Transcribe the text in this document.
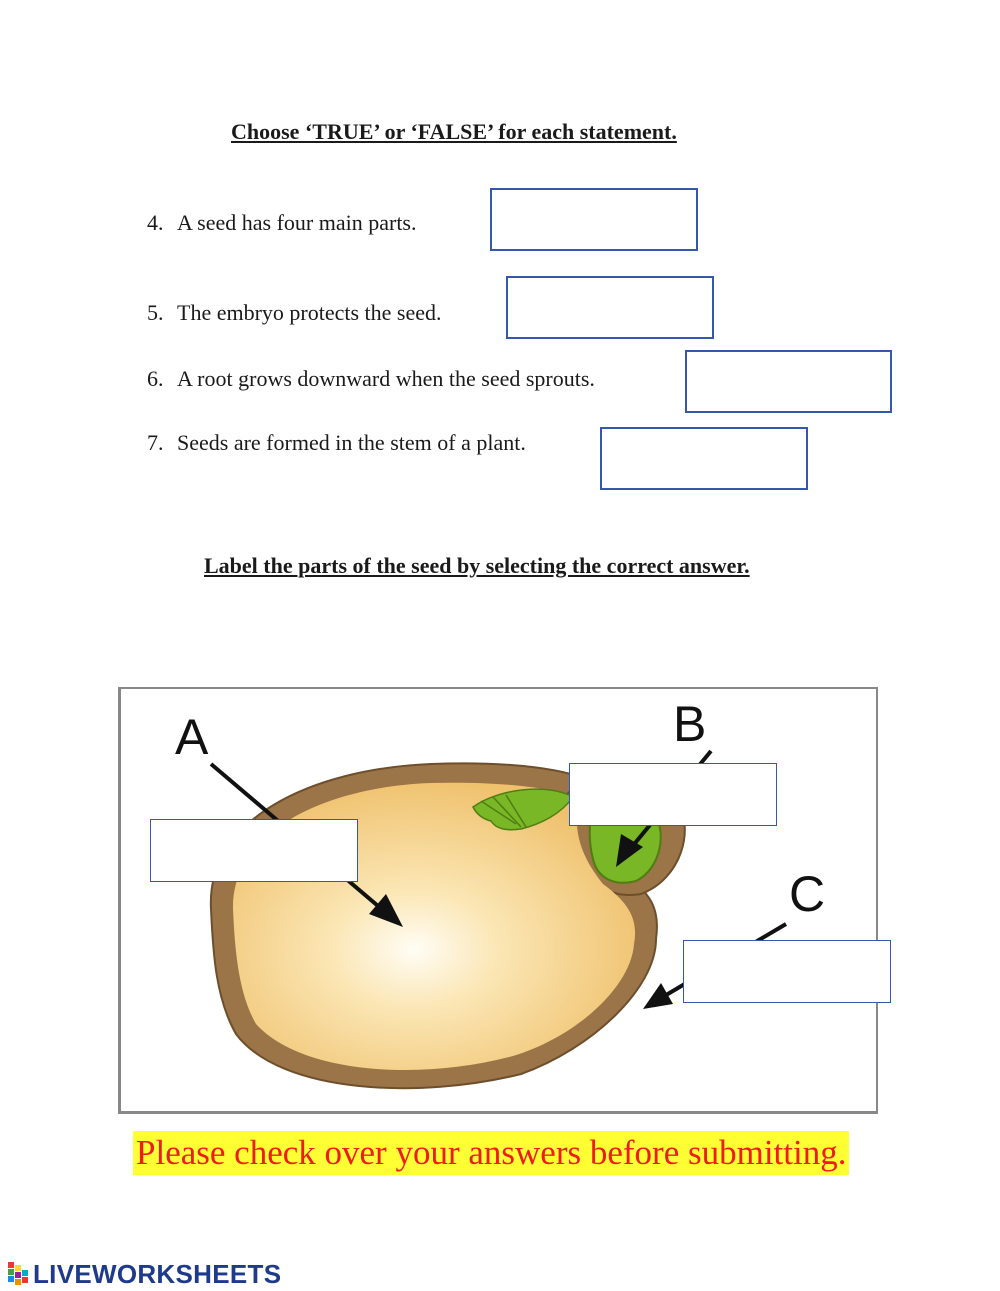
Choose ‘TRUE’ or ‘FALSE’ for each statement.
4. A seed has four main parts.
5. The embryo protects the seed.
6. A root grows downward when the seed sprouts.
7. Seeds are formed in the stem of a plant.
Label the parts of the seed by selecting the correct answer.
A	B
C
Please check over your answers before submitting.
LIVEWORKSHEETS
